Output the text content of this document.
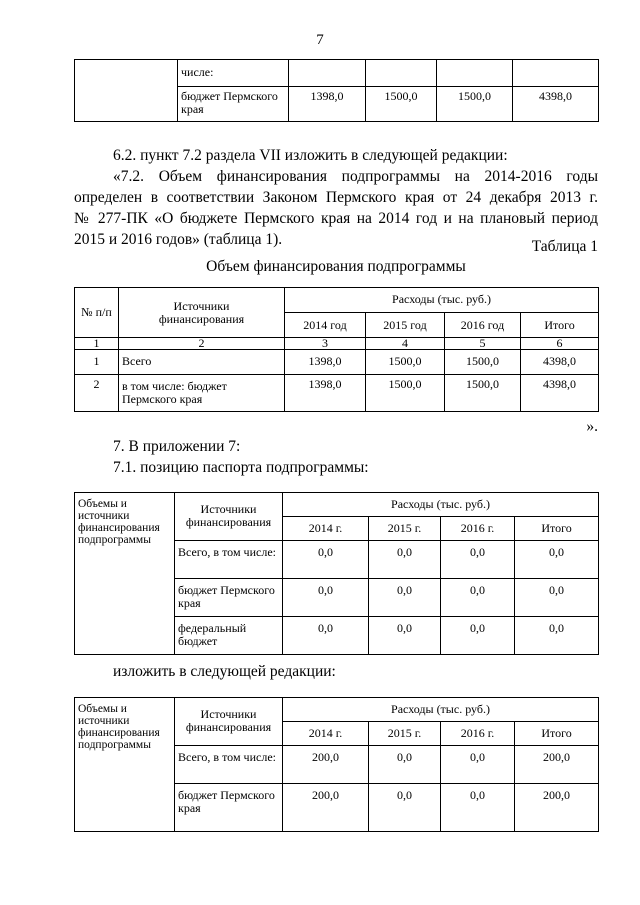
7
	числе:				
	бюджет Пермского края	1398,0	1500,0	1500,0	4398,0

6.2. пункт 7.2 раздела VII изложить в следующей редакции:

«7.2. Объем финансирования подпрограммы на 2014-2016 годы

определен в соответствии Законом Пермского края от 24 декабря 2013 г.

№ 277-ПК «О бюджете Пермского края на 2014 год и на плановый период

2015 и 2016 годов» (таблица 1).	Таблица 1
Объем финансирования подпрограммы
№ п/п	Источники финансирования	Расходы (тыс. руб.)			
		2014 год	2015 год	2016 год	Итого
1	2	3	4	5	6
1	Всего	1398,0	1500,0	1500,0	4398,0
2	в том числе: бюджет Пермского края	1398,0	1500,0	1500,0	4398,0
».

7. В приложении 7:

7.1. позицию паспорта подпрограммы:

Объемы и источники финансирования подпрограммы	Источники финансирования	Расходы (тыс. руб.)			
		2014 г.	2015 г.	2016 г.	Итого
	Всего, в том числе:	0,0	0,0	0,0	0,0
	бюджет Пермского края	0,0	0,0	0,0	0,0
	федеральный бюджет	0,0	0,0	0,0	0,0

изложить в следующей редакции:

Объемы и источники финансирования подпрограммы	Источники финансирования	Расходы (тыс. руб.)			
		2014 г.	2015 г.	2016 г.	Итого
	Всего, в том числе:	200,0	0,0	0,0	200,0
	бюджет Пермского края	200,0	0,0	0,0	200,0
